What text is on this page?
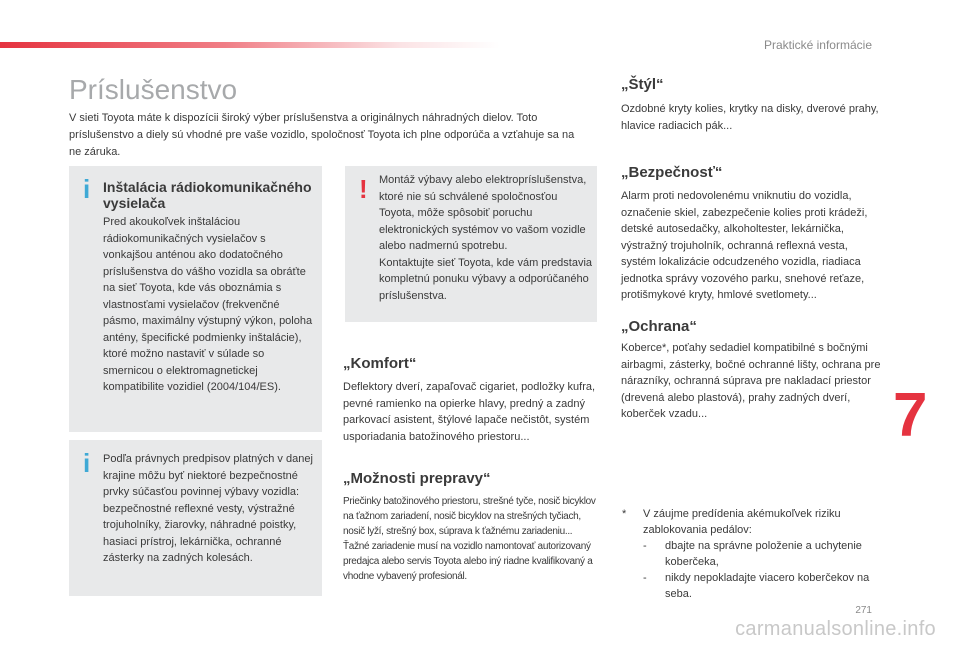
Praktické informácie
Príslušenstvo

V sieti Toyota máte k dispozícii široký výber príslušenstva a originálnych náhradných dielov. Toto príslušenstvo a diely sú vhodné pre vaše vozidlo, spoločnosť Toyota ich plne odporúča a vzťahuje sa na ne záruka.

i Inštalácia rádiokomunikačného vysielača

Pred akoukoľvek inštaláciou rádiokomunikačných vysielačov s vonkajšou anténou ako dodatočného príslušenstva do vášho vozidla sa obráťte na sieť Toyota, kde vás oboznámia s vlastnosťami vysielačov (frekvenčné pásmo, maximálny výstupný výkon, poloha antény, špecifické podmienky inštalácie), ktoré možno nastaviť v súlade so smernicou o elektromagnetickej kompatibilite vozidiel (2004/104/ES).

i Podľa právnych predpisov platných v danej krajine môžu byť niektoré bezpečnostné prvky súčasťou povinnej výbavy vozidla: bezpečnostné reflexné vesty, výstražné trojuholníky, žiarovky, náhradné poistky, hasiaci prístroj, lekárnička, ochranné zásterky na zadných kolesách.

! Montáž výbavy alebo elektropríslušenstva, ktoré nie sú schválené spoločnosťou Toyota, môže spôsobiť poruchu elektronických systémov vo vašom vozidle alebo nadmernú spotrebu.
Kontaktujte sieť Toyota, kde vám predstavia kompletnú ponuku výbavy a odporúčaného príslušenstva.

„Komfort“

Deflektory dverí, zapaľovač cigariet, podložky kufra, pevné ramienko na opierke hlavy, predný a zadný parkovací asistent, štýlové lapače nečistôt, systém usporiadania batožinového priestoru...

„Možnosti prepravy“

Priečinky batožinového priestoru, strešné tyče, nosič bicyklov na ťažnom zariadení, nosič bicyklov na strešných tyčiach, nosič lyží, strešný box, súprava k ťažnému zariadeniu...
Ťažné zariadenie musí na vozidlo namontovať autorizovaný predajca alebo servis Toyota alebo iný riadne kvalifikovaný a vhodne vybavený profesionál.

„Štýl“

Ozdobné kryty kolies, krytky na disky, dverové prahy, hlavice radiacich pák...

„Bezpečnosť“

Alarm proti nedovolenému vniknutiu do vozidla, označenie skiel, zabezpečenie kolies proti krádeži, detské autosedačky, alkoholtester, lekárnička, výstražný trojuholník, ochranná reflexná vesta, systém lokalizácie odcudzeného vozidla, riadiaca jednotka správy vozového parku, snehové reťaze, protišmykové kryty, hmlové svetlomety...

„Ochrana“

Koberce*, poťahy sedadiel kompatibilné s bočnými airbagmi, zásterky, bočné ochranné lišty, ochrana pre nárazníky, ochranná súprava pre nakladací priestor (drevená alebo plastová), prahy zadných dverí, koberček vzadu...	7
* V záujme predídenia akémukoľvek riziku zablokovania pedálov:
- dbajte na správne položenie a uchytenie koberčeka,
- nikdy nepokladajte viacero koberčekov na seba.
271
carmanualsonline.info
